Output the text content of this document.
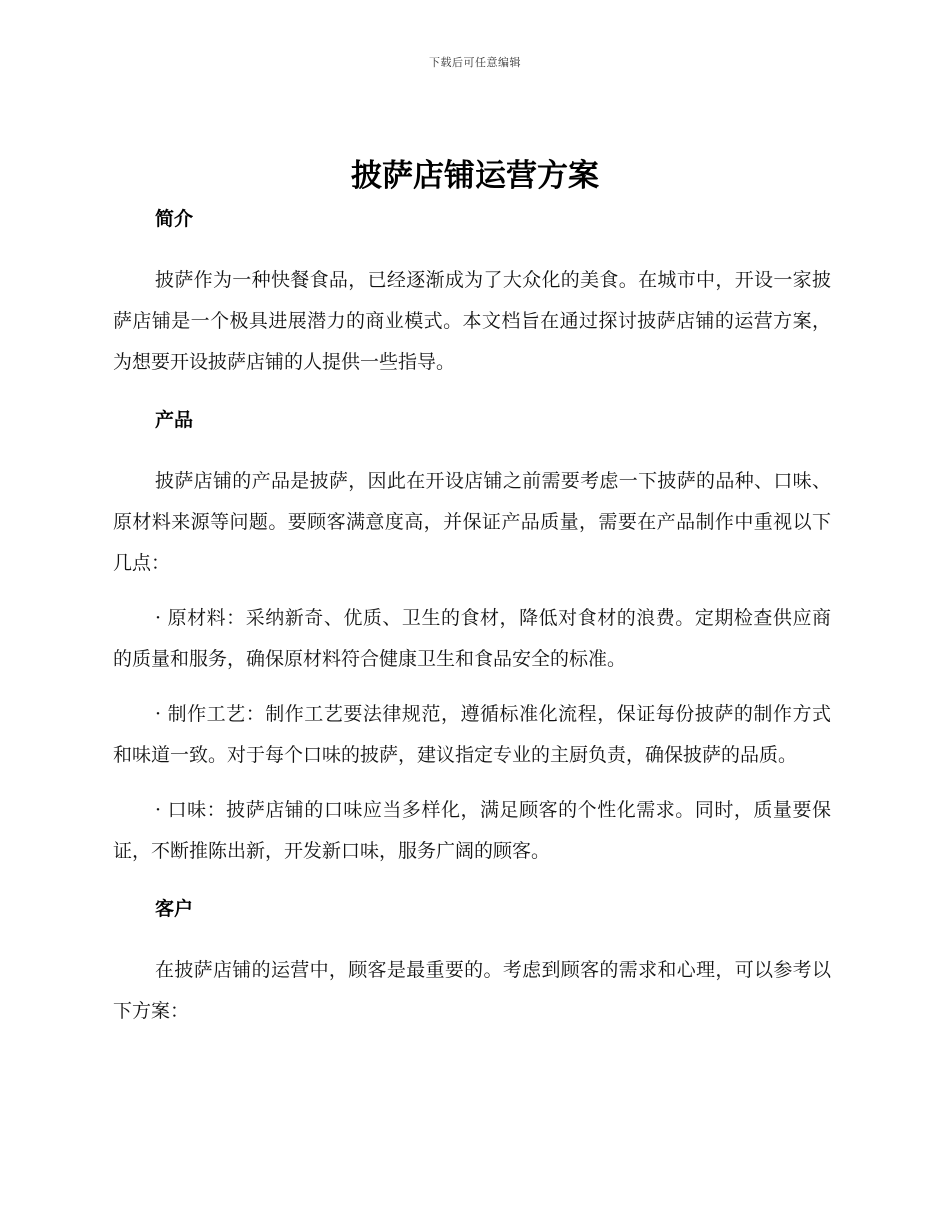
下载后可任意编辑
披萨店铺运营方案
简介

披萨作为一种快餐食品，已经逐渐成为了大众化的美食。在城市中，开设一家披萨店铺是一个极具进展潜力的商业模式。本文档旨在通过探讨披萨店铺的运营方案，为想要开设披萨店铺的人提供一些指导。

产品

披萨店铺的产品是披萨，因此在开设店铺之前需要考虑一下披萨的品种、口味、原材料来源等问题。要顾客满意度高，并保证产品质量，需要在产品制作中重视以下几点：

· 原材料：采纳新奇、优质、卫生的食材，降低对食材的浪费。定期检查供应商的质量和服务，确保原材料符合健康卫生和食品安全的标准。

· 制作工艺：制作工艺要法律规范，遵循标准化流程，保证每份披萨的制作方式和味道一致。对于每个口味的披萨，建议指定专业的主厨负责，确保披萨的品质。

· 口味：披萨店铺的口味应当多样化，满足顾客的个性化需求。同时，质量要保证，不断推陈出新，开发新口味，服务广阔的顾客。

客户

在披萨店铺的运营中，顾客是最重要的。考虑到顾客的需求和心理，可以参考以下方案：
